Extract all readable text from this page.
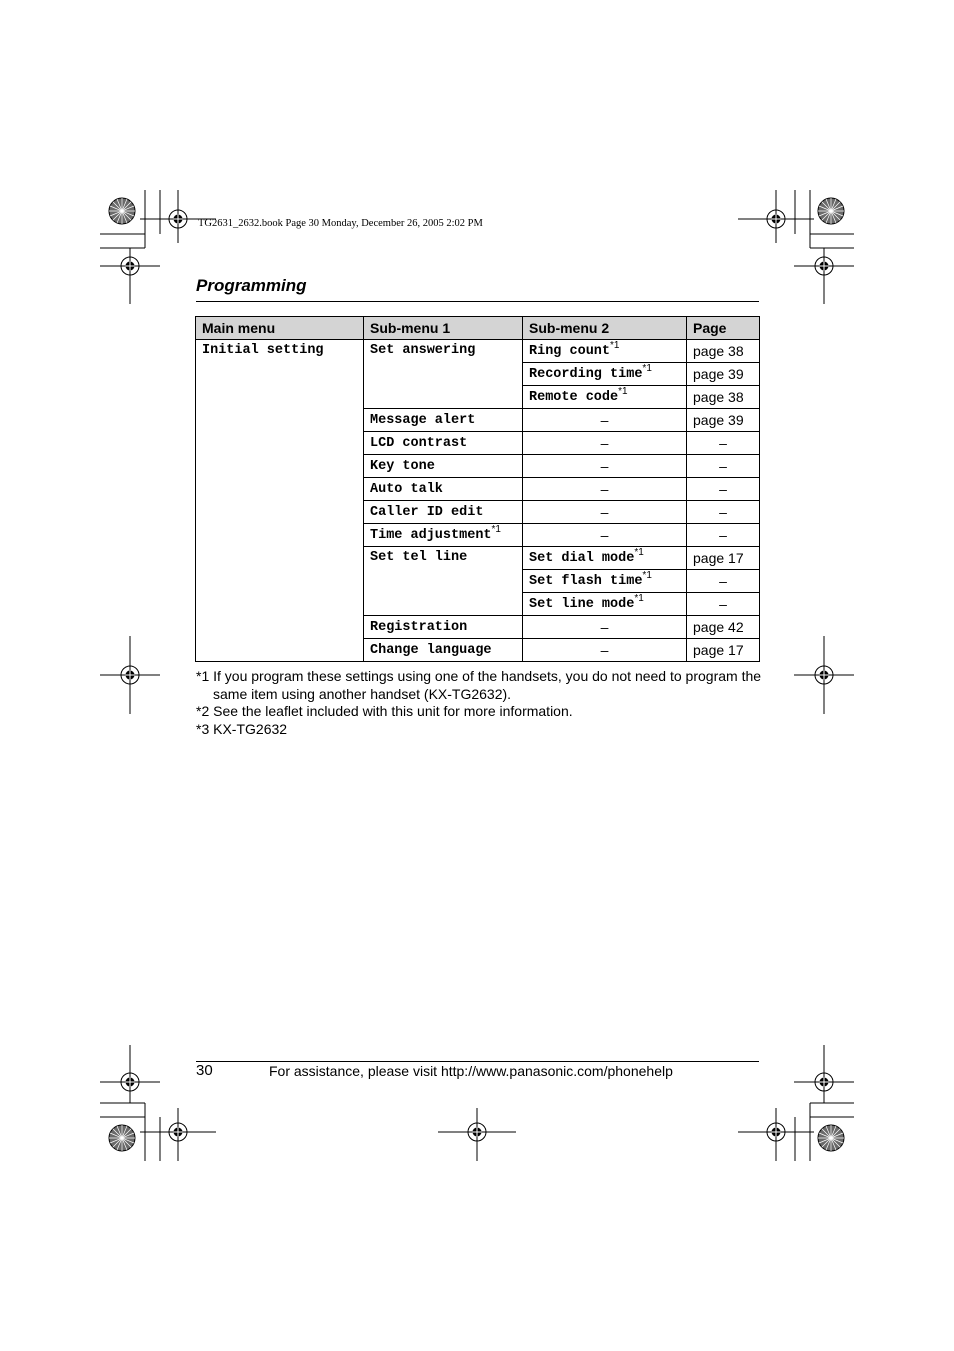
TG2631_2632.book Page 30 Monday, December 26, 2005 2:02 PM
Programming
Main menu	Sub-menu 1	Sub-menu 2	Page
Initial setting	Set answering	Ring count$^{*1}$	page 38
		Recording time$^{*1}$	page 39
		Remote code$^{*1}$	page 38
	Message alert	–	page 39
	LCD contrast	–	–
	Key tone	–	–
	Auto talk	–	–
	Caller ID edit	–	–
	Time adjustment$^{*1}$	–	–
	Set tel line	Set dial mode$^{*1}$	page 17
		Set flash time$^{*1}$	–
		Set line mode$^{*1}$	–
	Registration	–	page 42
	Change language	–	page 17

*1 If you program these settings using one of the handsets, you do not need to program the same item using another handset (KX-TG2632).

*2 See the leaflet included with this unit for more information.

*3 KX-TG2632

30	For assistance, please visit http://www.panasonic.com/phonehelp
